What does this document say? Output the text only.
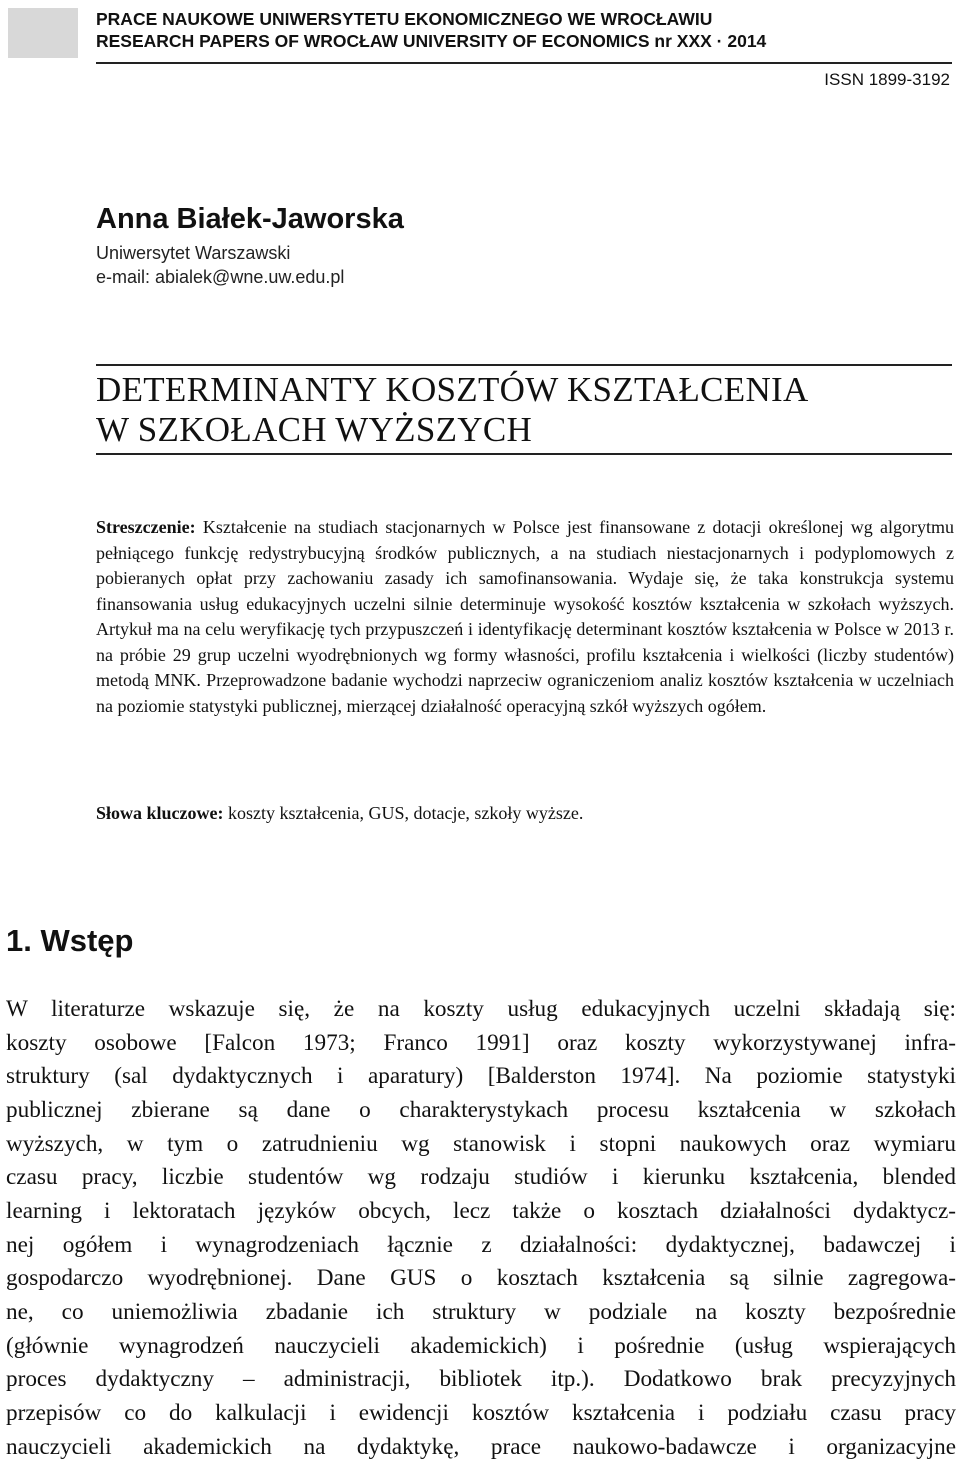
PRACE NAUKOWE UNIWERSYTETU EKONOMICZNEGO WE WROCŁAWIU
RESEARCH PAPERS OF WROCŁAW UNIVERSITY OF ECONOMICS nr XXX · 2014
ISSN 1899-3192
Anna Białek-Jaworska
Uniwersytet Warszawski
e-mail: abialek@wne.uw.edu.pl
DETERMINANTY KOSZTÓW KSZTAŁCENIA
W SZKOŁACH WYŻSZYCH
Streszczenie: Kształcenie na studiach stacjonarnych w Polsce jest finansowane z dotacji określonej wg algorytmu pełniącego funkcję redystrybucyjną środków publicznych, a na studiach niestacjonarnych i podyplomowych z pobieranych opłat przy zachowaniu zasady ich samofinansowania. Wydaje się, że taka konstrukcja systemu finansowania usług edukacyjnych uczelni silnie determinuje wysokość kosztów kształcenia w szkołach wyższych. Artykuł ma na celu weryfikację tych przypuszczeń i identyfikację determinant kosztów kształcenia w Polsce w 2013 r. na próbie 29 grup uczelni wyodrębnionych wg formy własności, profilu kształcenia i wielkości (liczby studentów) metodą MNK. Przeprowadzone badanie wychodzi naprzeciw ograniczeniom analiz kosztów kształcenia w uczelniach na poziomie statystyki publicznej, mierzącej działalność operacyjną szkół wyższych ogółem.
Słowa kluczowe: koszty kształcenia, GUS, dotacje, szkoły wyższe.
1. Wstęp
W literaturze wskazuje się, że na koszty usług edukacyjnych uczelni składają się:
koszty osobowe [Falcon 1973; Franco 1991] oraz koszty wykorzystywanej infra-
struktury (sal dydaktycznych i aparatury) [Balderston 1974]. Na poziomie statystyki
publicznej zbierane są dane o charakterystykach procesu kształcenia w szkołach
wyższych, w tym o zatrudnieniu wg stanowisk i stopni naukowych oraz wymiaru
czasu pracy, liczbie studentów wg rodzaju studiów i kierunku kształcenia, blended
learning i lektoratach języków obcych, lecz także o kosztach działalności dydaktycz-
nej ogółem i wynagrodzeniach łącznie z działalności: dydaktycznej, badawczej i
gospodarczo wyodrębnionej. Dane GUS o kosztach kształcenia są silnie zagregowa-
ne, co uniemożliwia zbadanie ich struktury w podziale na koszty bezpośrednie
(głównie wynagrodzeń nauczycieli akademickich) i pośrednie (usług wspierających
proces dydaktyczny – administracji, bibliotek itp.). Dodatkowo brak precyzyjnych
przepisów co do kalkulacji i ewidencji kosztów kształcenia i podziału czasu pracy
nauczycieli akademickich na dydaktykę, prace naukowo-badawcze i organizacyjne
